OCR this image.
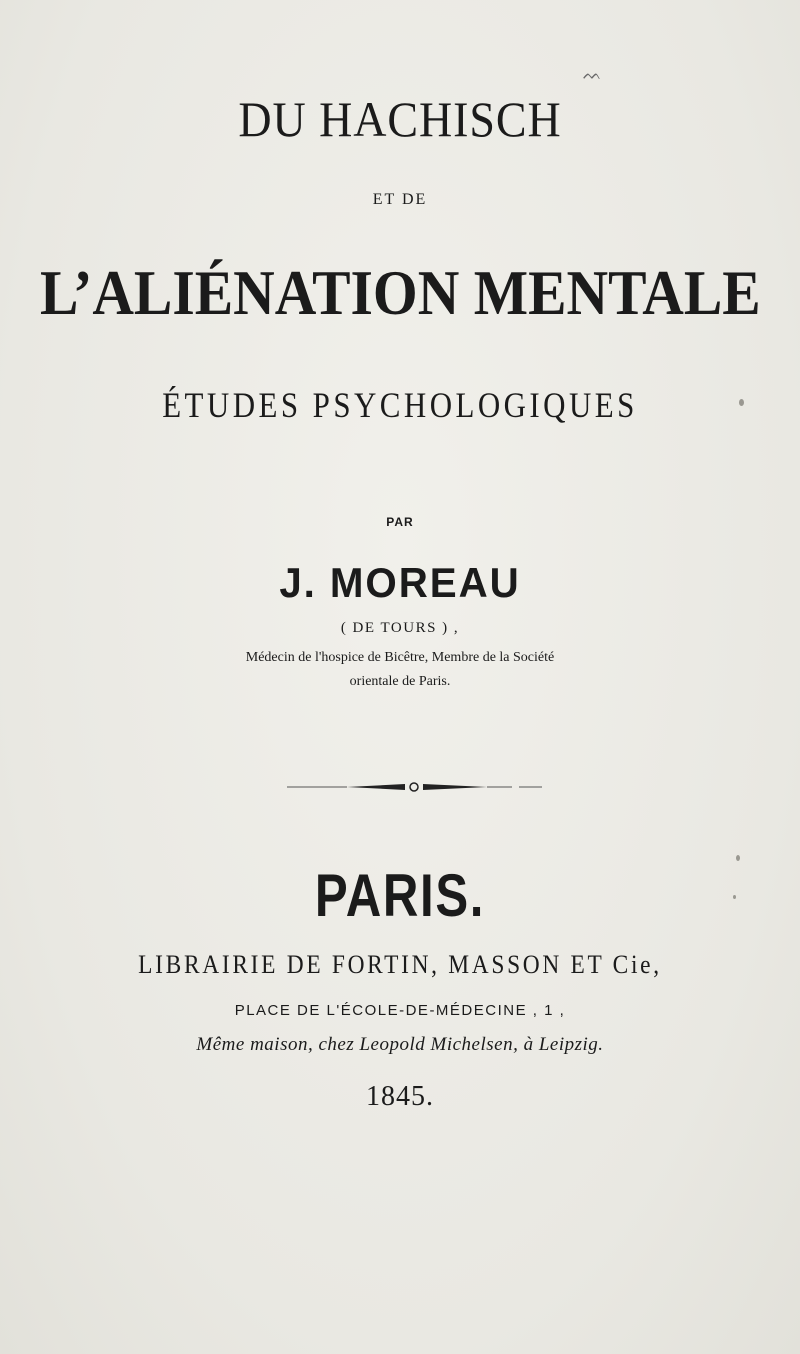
ᨓ
DU HACHISCH
ET DE
L’ALIÉNATION MENTALE
ÉTUDES PSYCHOLOGIQUES
PAR
J. MOREAU
( DE TOURS ) ,
Médecin de l'hospice de Bicêtre, Membre de la Société
orientale de Paris.
PARIS.
LIBRAIRIE DE FORTIN, MASSON ET Cie,
PLACE DE L'ÉCOLE-DE-MÉDECINE , 1 ,
Même maison, chez Leopold Michelsen, à Leipzig.
1845.
